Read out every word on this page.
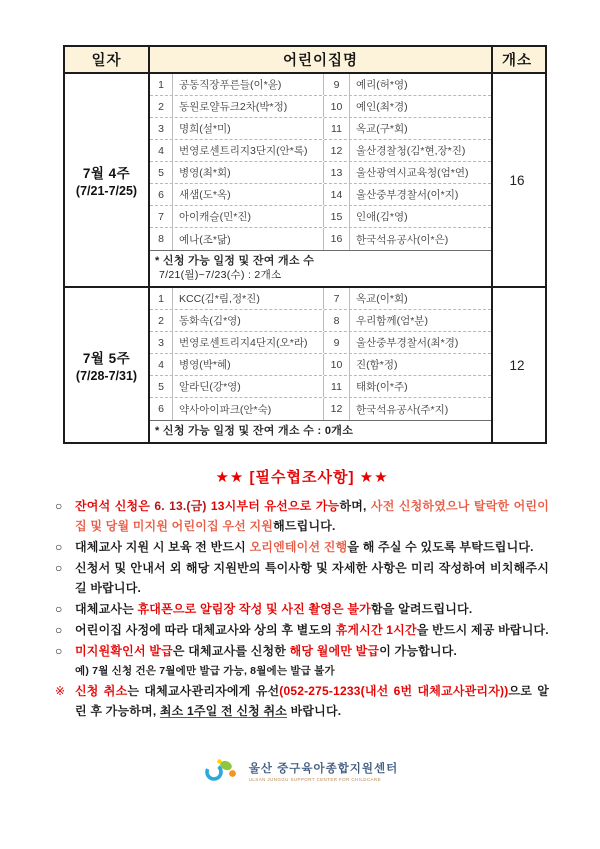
일자	어린이집명	개소
7월 4주
(7/21-7/25)
1	공동직장푸른들(이*윤)	9	예리(허*영)
2	동원로얄듀크2차(박*정)	10	예인(최*경)
3	명희(설*미)	11	옥교(구*회)
4	번영로센트리지3단지(안*록)	12	울산경찰청(김*현,장*진)
5	병영(최*회)	13	울산광역시교육청(엄*연)
6	새샘(도*옥)	14	울산중부경찰서(이*지)
7	아이캐슬(민*진)	15	인애(김*영)
8	예나(조*닮)	16	한국석유공사(이*은)
* 신청 가능 일정 및 잔여 개소 수
7/21(월)~7/23(수) : 2개소
16
7월 5주
(7/28-7/31)
1	KCC(김*림,정*진)	7	옥교(이*회)
2	동화속(김*영)	8	우리함께(엄*분)
3	번영로센트리지4단지(오*라)	9	울산중부경찰서(최*경)
4	병영(박*혜)	10	진(함*정)
5	알라딘(강*영)	11	태화(이*주)
6	약사아이파크(안*숙)	12	한국석유공사(주*지)
* 신청 가능 일정 및 잔여 개소 수 : 0개소
12
★★ [필수협조사항] ★★
○	잔여석 신청은 6. 13.(금) 13시부터 유선으로 가능하며, 사전 신청하였으나 탈락한 어린이집 및 당월 미지원 어린이집 우선 지원해드립니다.
○	대체교사 지원 시 보육 전 반드시 오리엔테이션 진행을 해 주실 수 있도록 부탁드립니다.
○	신청서 및 안내서 외 해당 지원반의 특이사항 및 자세한 사항은 미리 작성하여 비치해주시길 바랍니다.
○	대체교사는 휴대폰으로 알림장 작성 및 사진 촬영은 불가함을 알려드립니다.
○	어린이집 사정에 따라 대체교사와 상의 후 별도의 휴게시간 1시간을 반드시 제공 바랍니다.
○	미지원확인서 발급은 대체교사를 신청한 해당 월에만 발급이 가능합니다.
예) 7월 신청 건은 7월에만 발급 가능, 8월에는 발급 불가
※ 신청 취소는 대체교사관리자에게 유선(052-275-1233(내선 6번 대체교사관리자))으로 알린 후 가능하며, 최소 1주일 전 신청 취소 바랍니다.
울산 중구육아종합지원센터
ULSAN JUNGGU SUPPORT CENTER FOR CHILDCARE
